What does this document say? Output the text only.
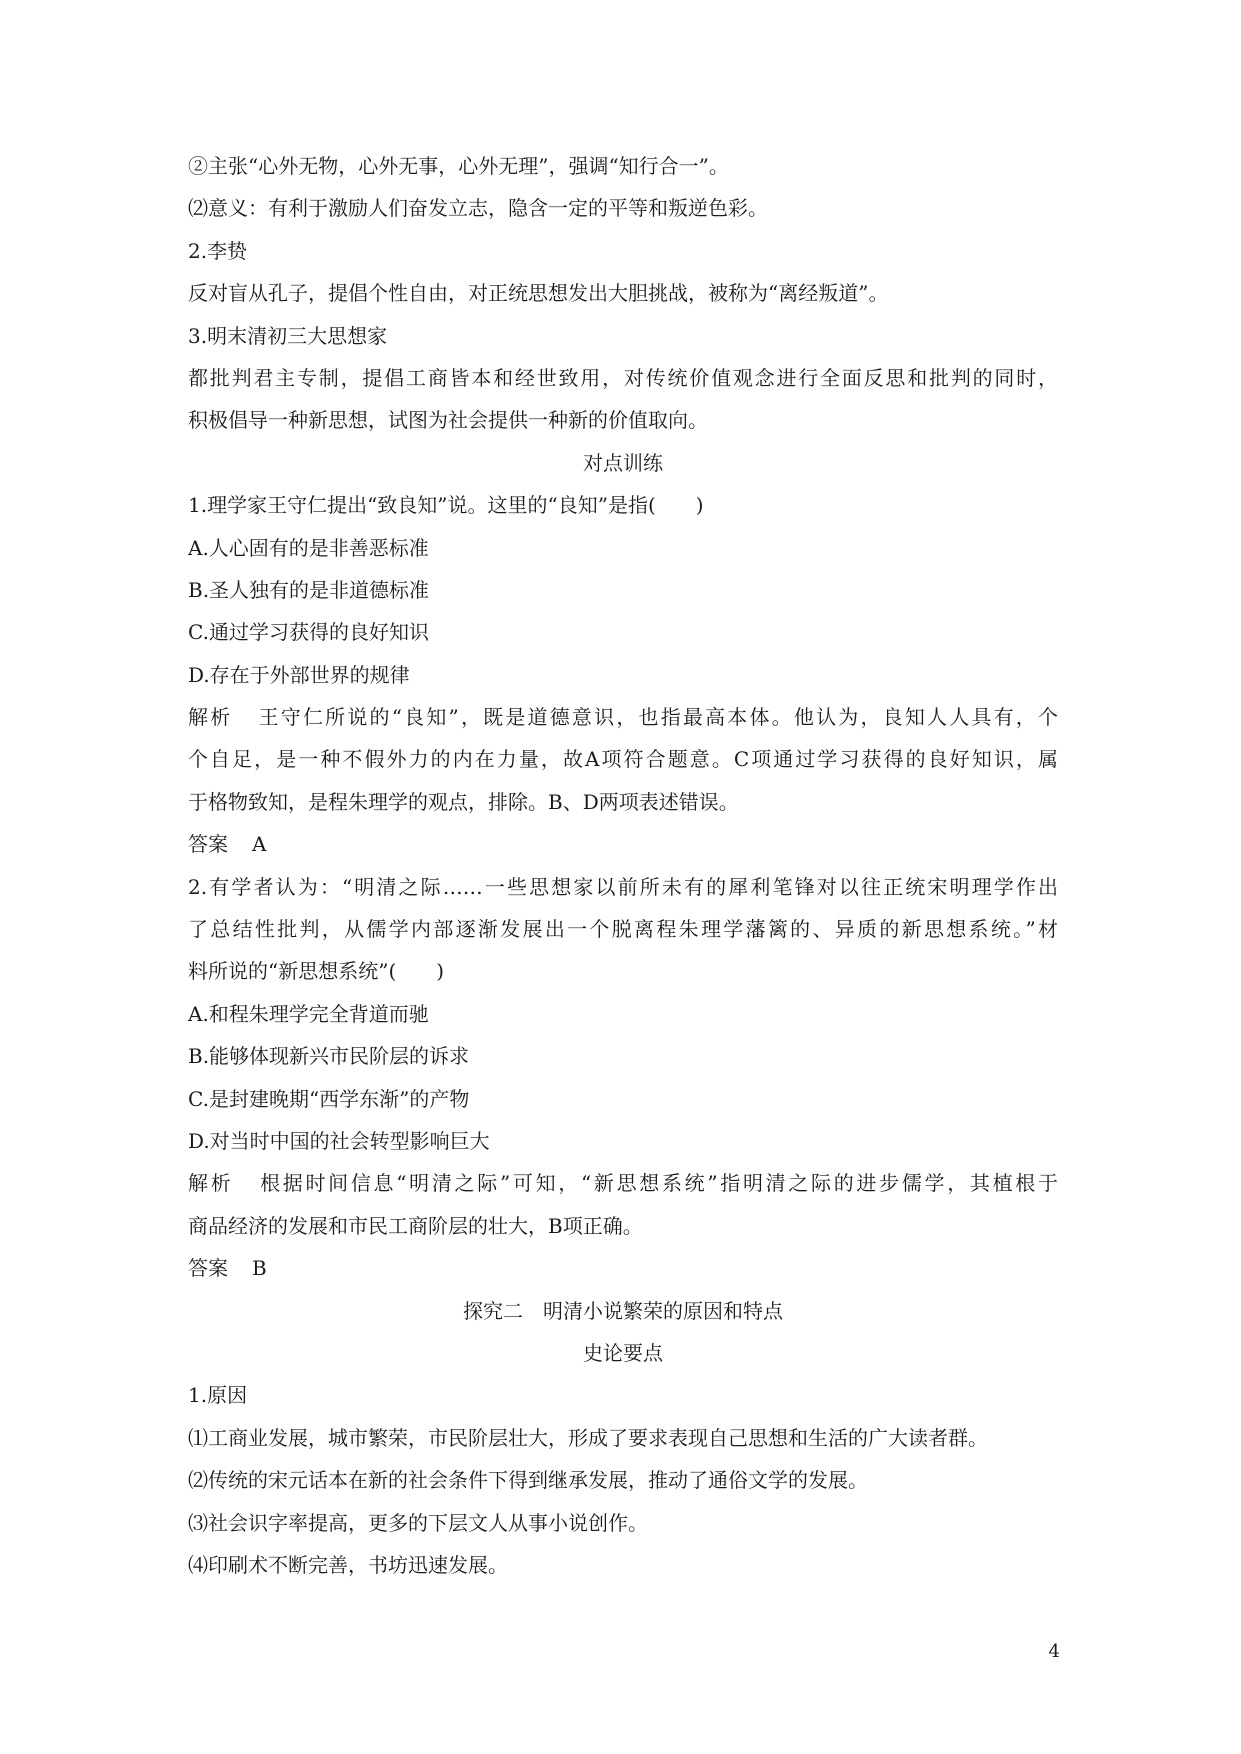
②主张“心外无物，心外无事，心外无理”，强调“知行合一”。
⑵意义：有利于激励人们奋发立志，隐含一定的平等和叛逆色彩。
2.李贽
反对盲从孔子，提倡个性自由，对正统思想发出大胆挑战，被称为“离经叛道”。
3.明末清初三大思想家
都批判君主专制，提倡工商皆本和经世致用，对传统价值观念进行全面反思和批判的同时，
积极倡导一种新思想，试图为社会提供一种新的价值取向。
对点训练
1.理学家王守仁提出“致良知”说。这里的“良知”是指(　　)
A.人心固有的是非善恶标准
B.圣人独有的是非道德标准
C.通过学习获得的良好知识
D.存在于外部世界的规律
解析 王守仁所说的“良知”，既是道德意识，也指最高本体。他认为，良知人人具有，个
个自足，是一种不假外力的内在力量，故A项符合题意。C项通过学习获得的良好知识，属
于格物致知，是程朱理学的观点，排除。B、D两项表述错误。
答案 A
2.有学者认为：“明清之际……一些思想家以前所未有的犀利笔锋对以往正统宋明理学作出
了总结性批判，从儒学内部逐渐发展出一个脱离程朱理学藩篱的、异质的新思想系统。”材
料所说的“新思想系统”(　　)
A.和程朱理学完全背道而驰
B.能够体现新兴市民阶层的诉求
C.是封建晚期“西学东渐”的产物
D.对当时中国的社会转型影响巨大
解析 根据时间信息“明清之际”可知，“新思想系统”指明清之际的进步儒学，其植根于
商品经济的发展和市民工商阶层的壮大，B项正确。
答案 B
探究二　明清小说繁荣的原因和特点
史论要点
1.原因
⑴工商业发展，城市繁荣，市民阶层壮大，形成了要求表现自己思想和生活的广大读者群。
⑵传统的宋元话本在新的社会条件下得到继承发展，推动了通俗文学的发展。
⑶社会识字率提高，更多的下层文人从事小说创作。
⑷印刷术不断完善，书坊迅速发展。
4
